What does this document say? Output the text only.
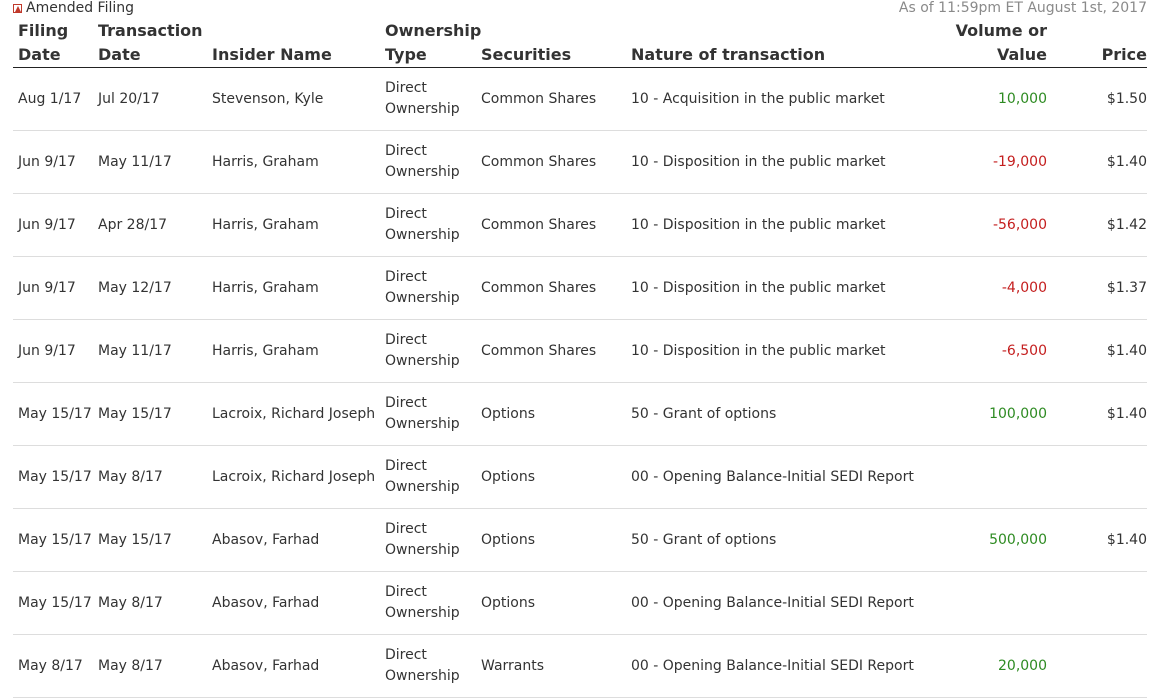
Amended Filing	As of 11:59pm ET August 1st, 2017
Filing
Date	Transaction
Date	Insider Name	Ownership
Type	Securities	Nature of transaction	Volume or
Value	Price
Aug 1/17	Jul 20/17	Stevenson, Kyle	Direct
Ownership	Common Shares	10 - Acquisition in the public market	10,000	$1.50
Jun 9/17	May 11/17	Harris, Graham	Direct
Ownership	Common Shares	10 - Disposition in the public market	-19,000	$1.40
Jun 9/17	Apr 28/17	Harris, Graham	Direct
Ownership	Common Shares	10 - Disposition in the public market	-56,000	$1.42
Jun 9/17	May 12/17	Harris, Graham	Direct
Ownership	Common Shares	10 - Disposition in the public market	-4,000	$1.37
Jun 9/17	May 11/17	Harris, Graham	Direct
Ownership	Common Shares	10 - Disposition in the public market	-6,500	$1.40
May 15/17	May 15/17	Lacroix, Richard Joseph	Direct
Ownership	Options	50 - Grant of options	100,000	$1.40
May 15/17	May 8/17	Lacroix, Richard Joseph	Direct
Ownership	Options	00 - Opening Balance-Initial SEDI Report		
May 15/17	May 15/17	Abasov, Farhad	Direct
Ownership	Options	50 - Grant of options	500,000	$1.40
May 15/17	May 8/17	Abasov, Farhad	Direct
Ownership	Options	00 - Opening Balance-Initial SEDI Report		
May 8/17	May 8/17	Abasov, Farhad	Direct
Ownership	Warrants	00 - Opening Balance-Initial SEDI Report	20,000	
